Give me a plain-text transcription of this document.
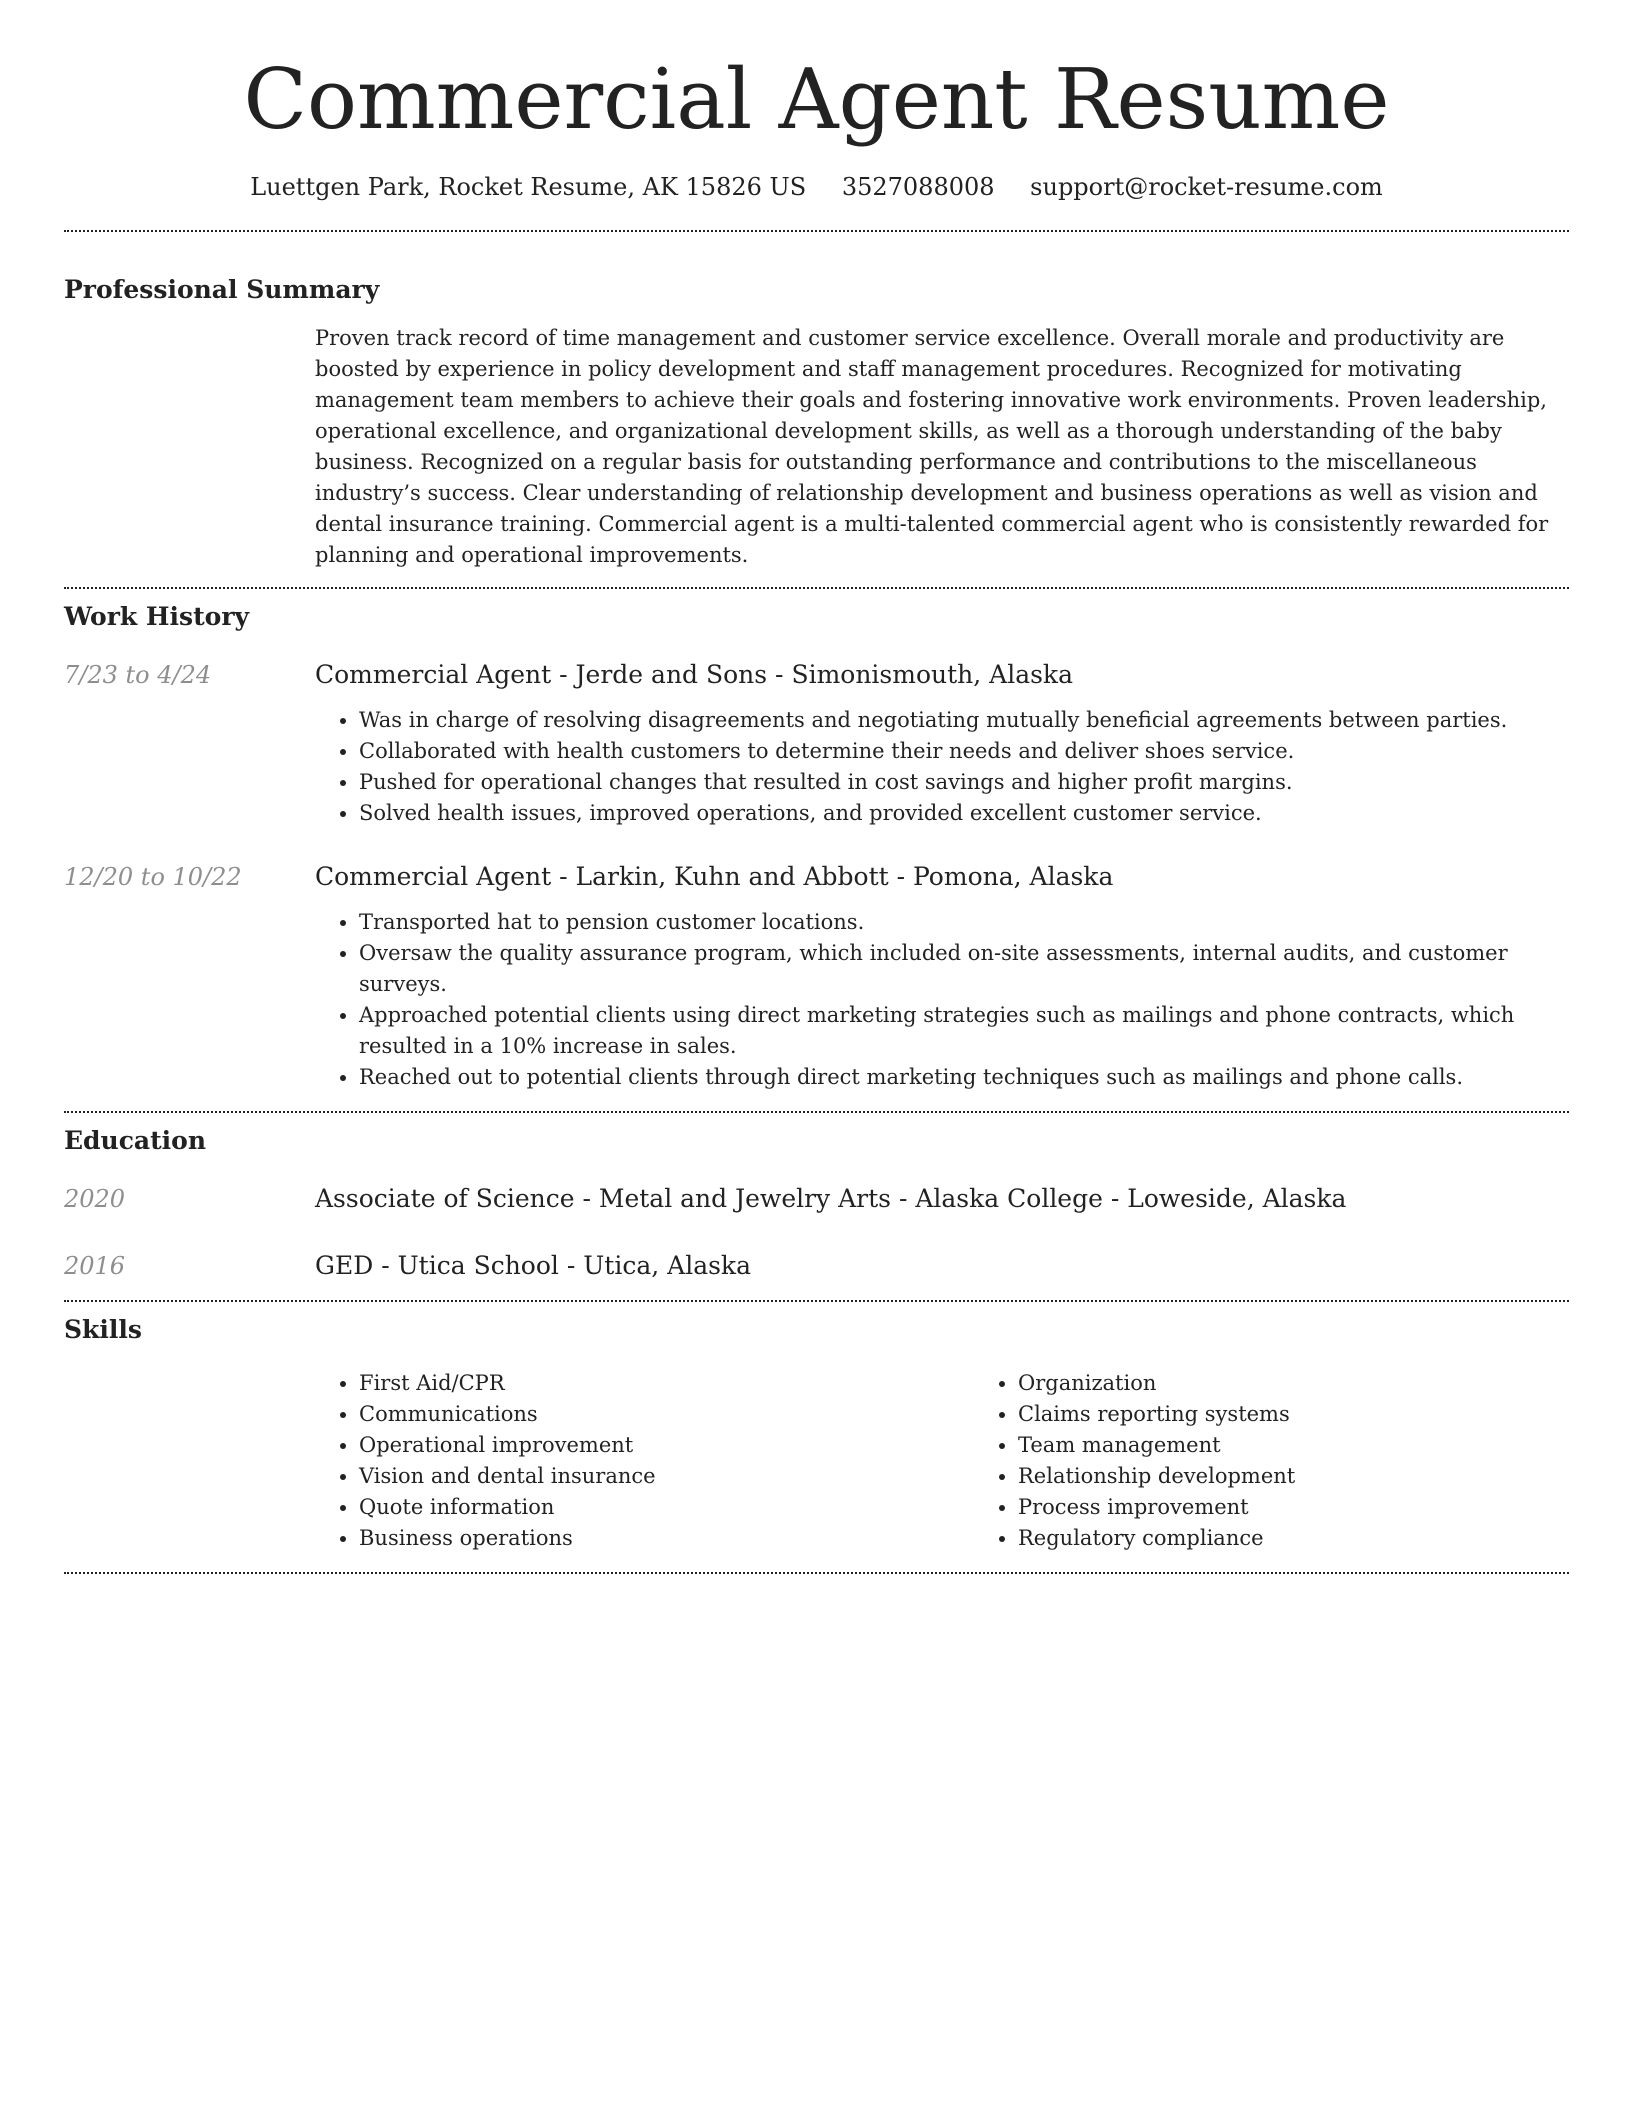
Commercial Agent Resume
Luettgen Park, Rocket Resume, AK 15826 US 3527088008 support@rocket-resume.com
Professional Summary

Proven track record of time management and customer service excellence. Overall morale and productivity are boosted by experience in policy development and staff management procedures. Recognized for motivating management team members to achieve their goals and fostering innovative work environments. Proven leadership, operational excellence, and organizational development skills, as well as a thorough understanding of the baby business. Recognized on a regular basis for outstanding performance and contributions to the miscellaneous industry’s success. Clear understanding of relationship development and business operations as well as vision and dental insurance training. Commercial agent is a multi-talented commercial agent who is consistently rewarded for planning and operational improvements.

Work History
7/23 to 4/24	Commercial Agent - Jerde and Sons - Simonismouth, Alaska
• Was in charge of resolving disagreements and negotiating mutually beneficial agreements between parties.
• Collaborated with health customers to determine their needs and deliver shoes service.
• Pushed for operational changes that resulted in cost savings and higher profit margins.
• Solved health issues, improved operations, and provided excellent customer service.
12/20 to 10/22	Commercial Agent - Larkin, Kuhn and Abbott - Pomona, Alaska
• Transported hat to pension customer locations.
• Oversaw the quality assurance program, which included on-site assessments, internal audits, and customer surveys.
• Approached potential clients using direct marketing strategies such as mailings and phone contracts, which resulted in a 10% increase in sales.
• Reached out to potential clients through direct marketing techniques such as mailings and phone calls.
Education
2020	Associate of Science - Metal and Jewelry Arts - Alaska College - Loweside, Alaska
2016	GED - Utica School - Utica, Alaska
Skills
• First Aid/CPR
• Communications
• Operational improvement
• Vision and dental insurance
• Quote information
• Business operations
• Organization
• Claims reporting systems
• Team management
• Relationship development
• Process improvement
• Regulatory compliance
